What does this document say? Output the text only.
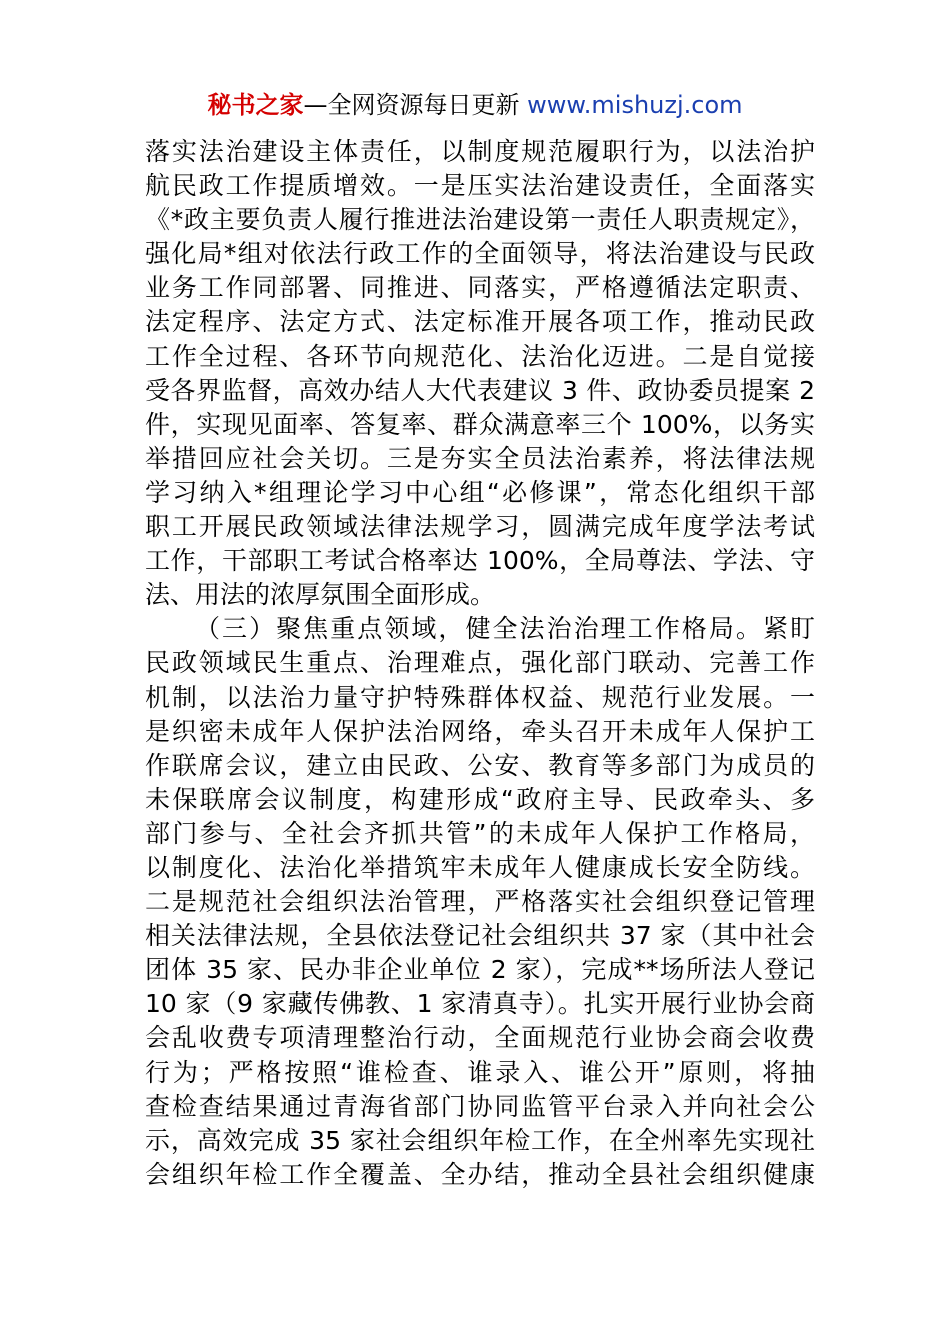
秘书之家—全网资源每日更新 www.mishuzj.com
落实法治建设主体责任，以制度规范履职行为，以法治护
航民政工作提质增效。一是压实法治建设责任，全面落实
《*政主要负责人履行推进法治建设第一责任人职责规定》，
强化局*组对依法行政工作的全面领导，将法治建设与民政
业务工作同部署、同推进、同落实，严格遵循法定职责、
法定程序、法定方式、法定标准开展各项工作，推动民政
工作全过程、各环节向规范化、法治化迈进。二是自觉接
受各界监督，高效办结人大代表建议 3 件、政协委员提案 2
件，实现见面率、答复率、群众满意率三个 100%，以务实
举措回应社会关切。三是夯实全员法治素养，将法律法规
学习纳入*组理论学习中心组“必修课”，常态化组织干部
职工开展民政领域法律法规学习，圆满完成年度学法考试
工作，干部职工考试合格率达 100%，全局尊法、学法、守
法、用法的浓厚氛围全面形成。
（三）聚焦重点领域，健全法治治理工作格局。紧盯
民政领域民生重点、治理难点，强化部门联动、完善工作
机制，以法治力量守护特殊群体权益、规范行业发展。一
是织密未成年人保护法治网络，牵头召开未成年人保护工
作联席会议，建立由民政、公安、教育等多部门为成员的
未保联席会议制度，构建形成“政府主导、民政牵头、多
部门参与、全社会齐抓共管”的未成年人保护工作格局，
以制度化、法治化举措筑牢未成年人健康成长安全防线。
二是规范社会组织法治管理，严格落实社会组织登记管理
相关法律法规，全县依法登记社会组织共 37 家（其中社会
团体 35 家、民办非企业单位 2 家），完成**场所法人登记
10 家（9 家藏传佛教、1 家清真寺）。扎实开展行业协会商
会乱收费专项清理整治行动，全面规范行业协会商会收费
行为；严格按照“谁检查、谁录入、谁公开”原则，将抽
查检查结果通过青海省部门协同监管平台录入并向社会公
示，高效完成 35 家社会组织年检工作，在全州率先实现社
会组织年检工作全覆盖、全办结，推动全县社会组织健康
